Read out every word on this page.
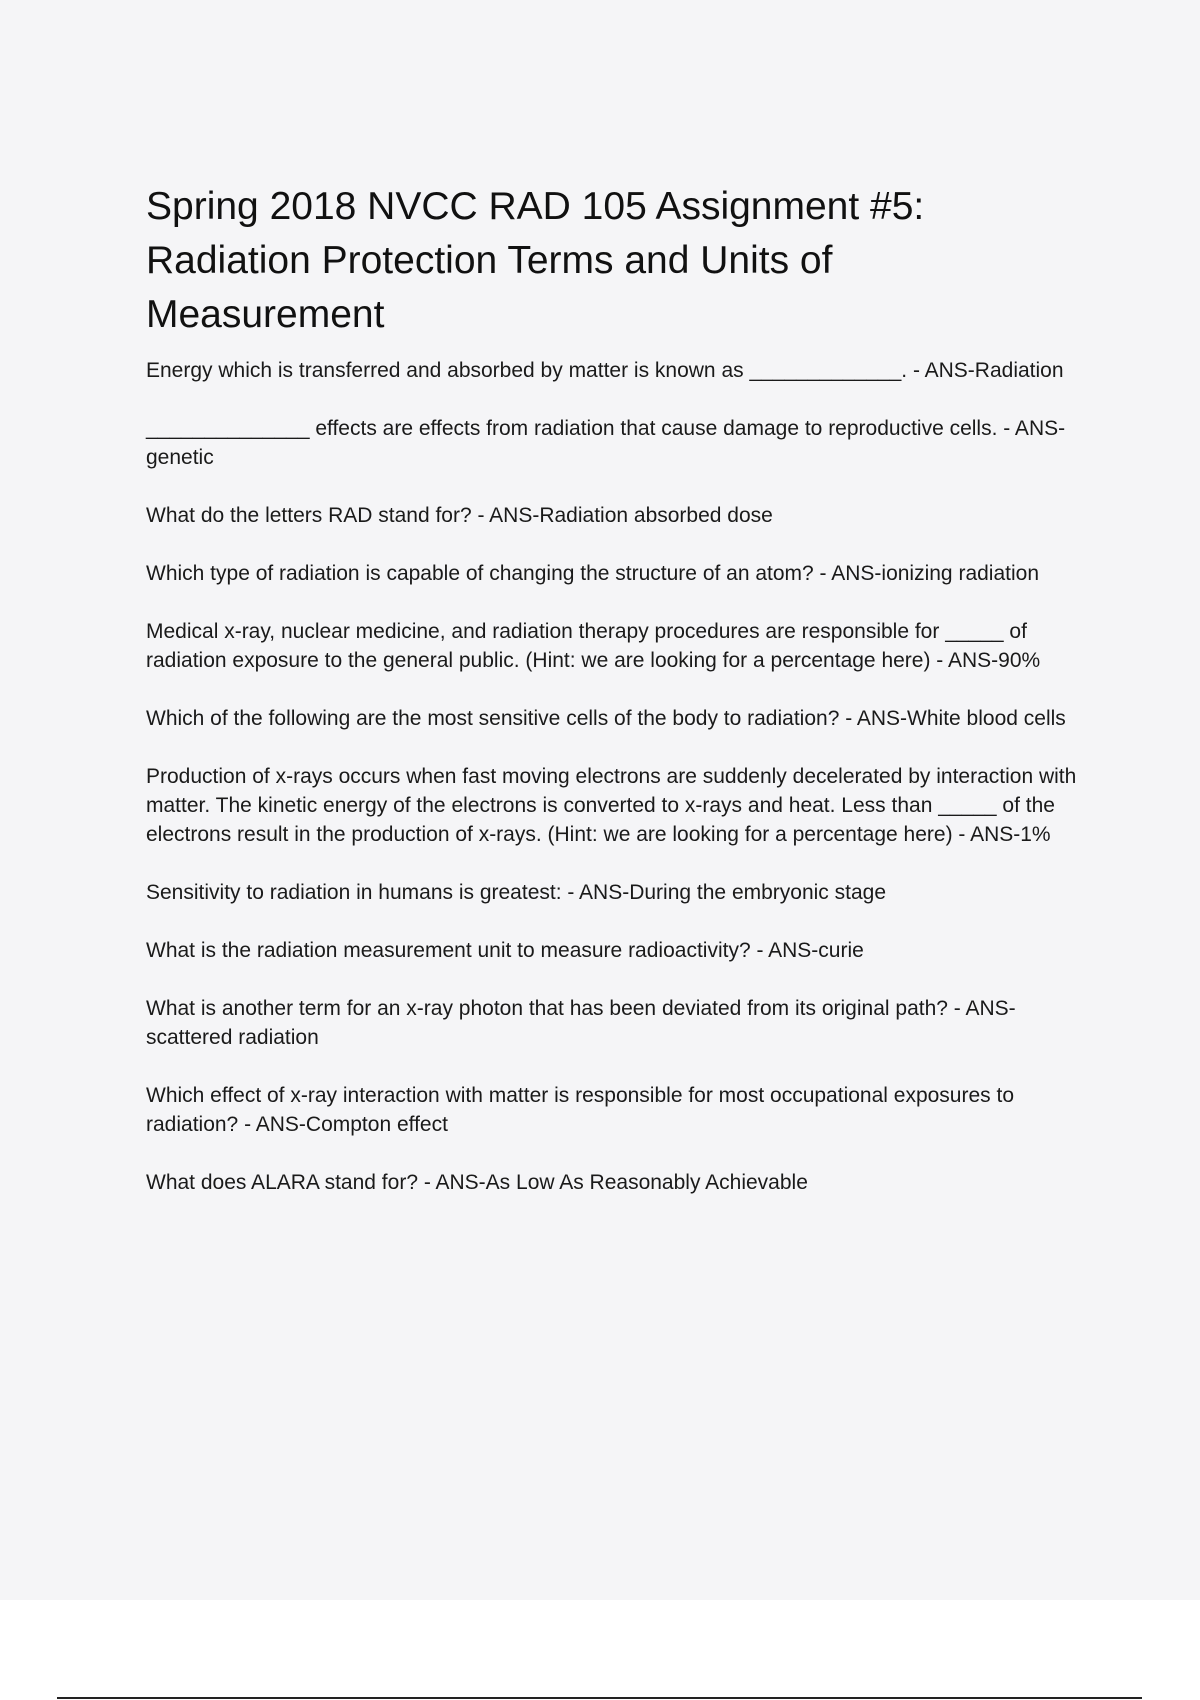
Spring 2018 NVCC RAD 105 Assignment #5: Radiation Protection Terms and Units of Measurement
Energy which is transferred and absorbed by matter is known as _____________. - ANS-Radiation
______________ effects are effects from radiation that cause damage to reproductive cells. - ANS-genetic
What do the letters RAD stand for? - ANS-Radiation absorbed dose
Which type of radiation is capable of changing the structure of an atom? - ANS-ionizing radiation
Medical x-ray, nuclear medicine, and radiation therapy procedures are responsible for _____ of radiation exposure to the general public. (Hint: we are looking for a percentage here) - ANS-90%
Which of the following are the most sensitive cells of the body to radiation? - ANS-White blood cells
Production of x-rays occurs when fast moving electrons are suddenly decelerated by interaction with matter. The kinetic energy of the electrons is converted to x-rays and heat. Less than _____ of the electrons result in the production of x-rays. (Hint: we are looking for a percentage here) - ANS-1%
Sensitivity to radiation in humans is greatest: - ANS-During the embryonic stage
What is the radiation measurement unit to measure radioactivity? - ANS-curie
What is another term for an x-ray photon that has been deviated from its original path? - ANS-scattered radiation
Which effect of x-ray interaction with matter is responsible for most occupational exposures to radiation? - ANS-Compton effect
What does ALARA stand for? - ANS-As Low As Reasonably Achievable
